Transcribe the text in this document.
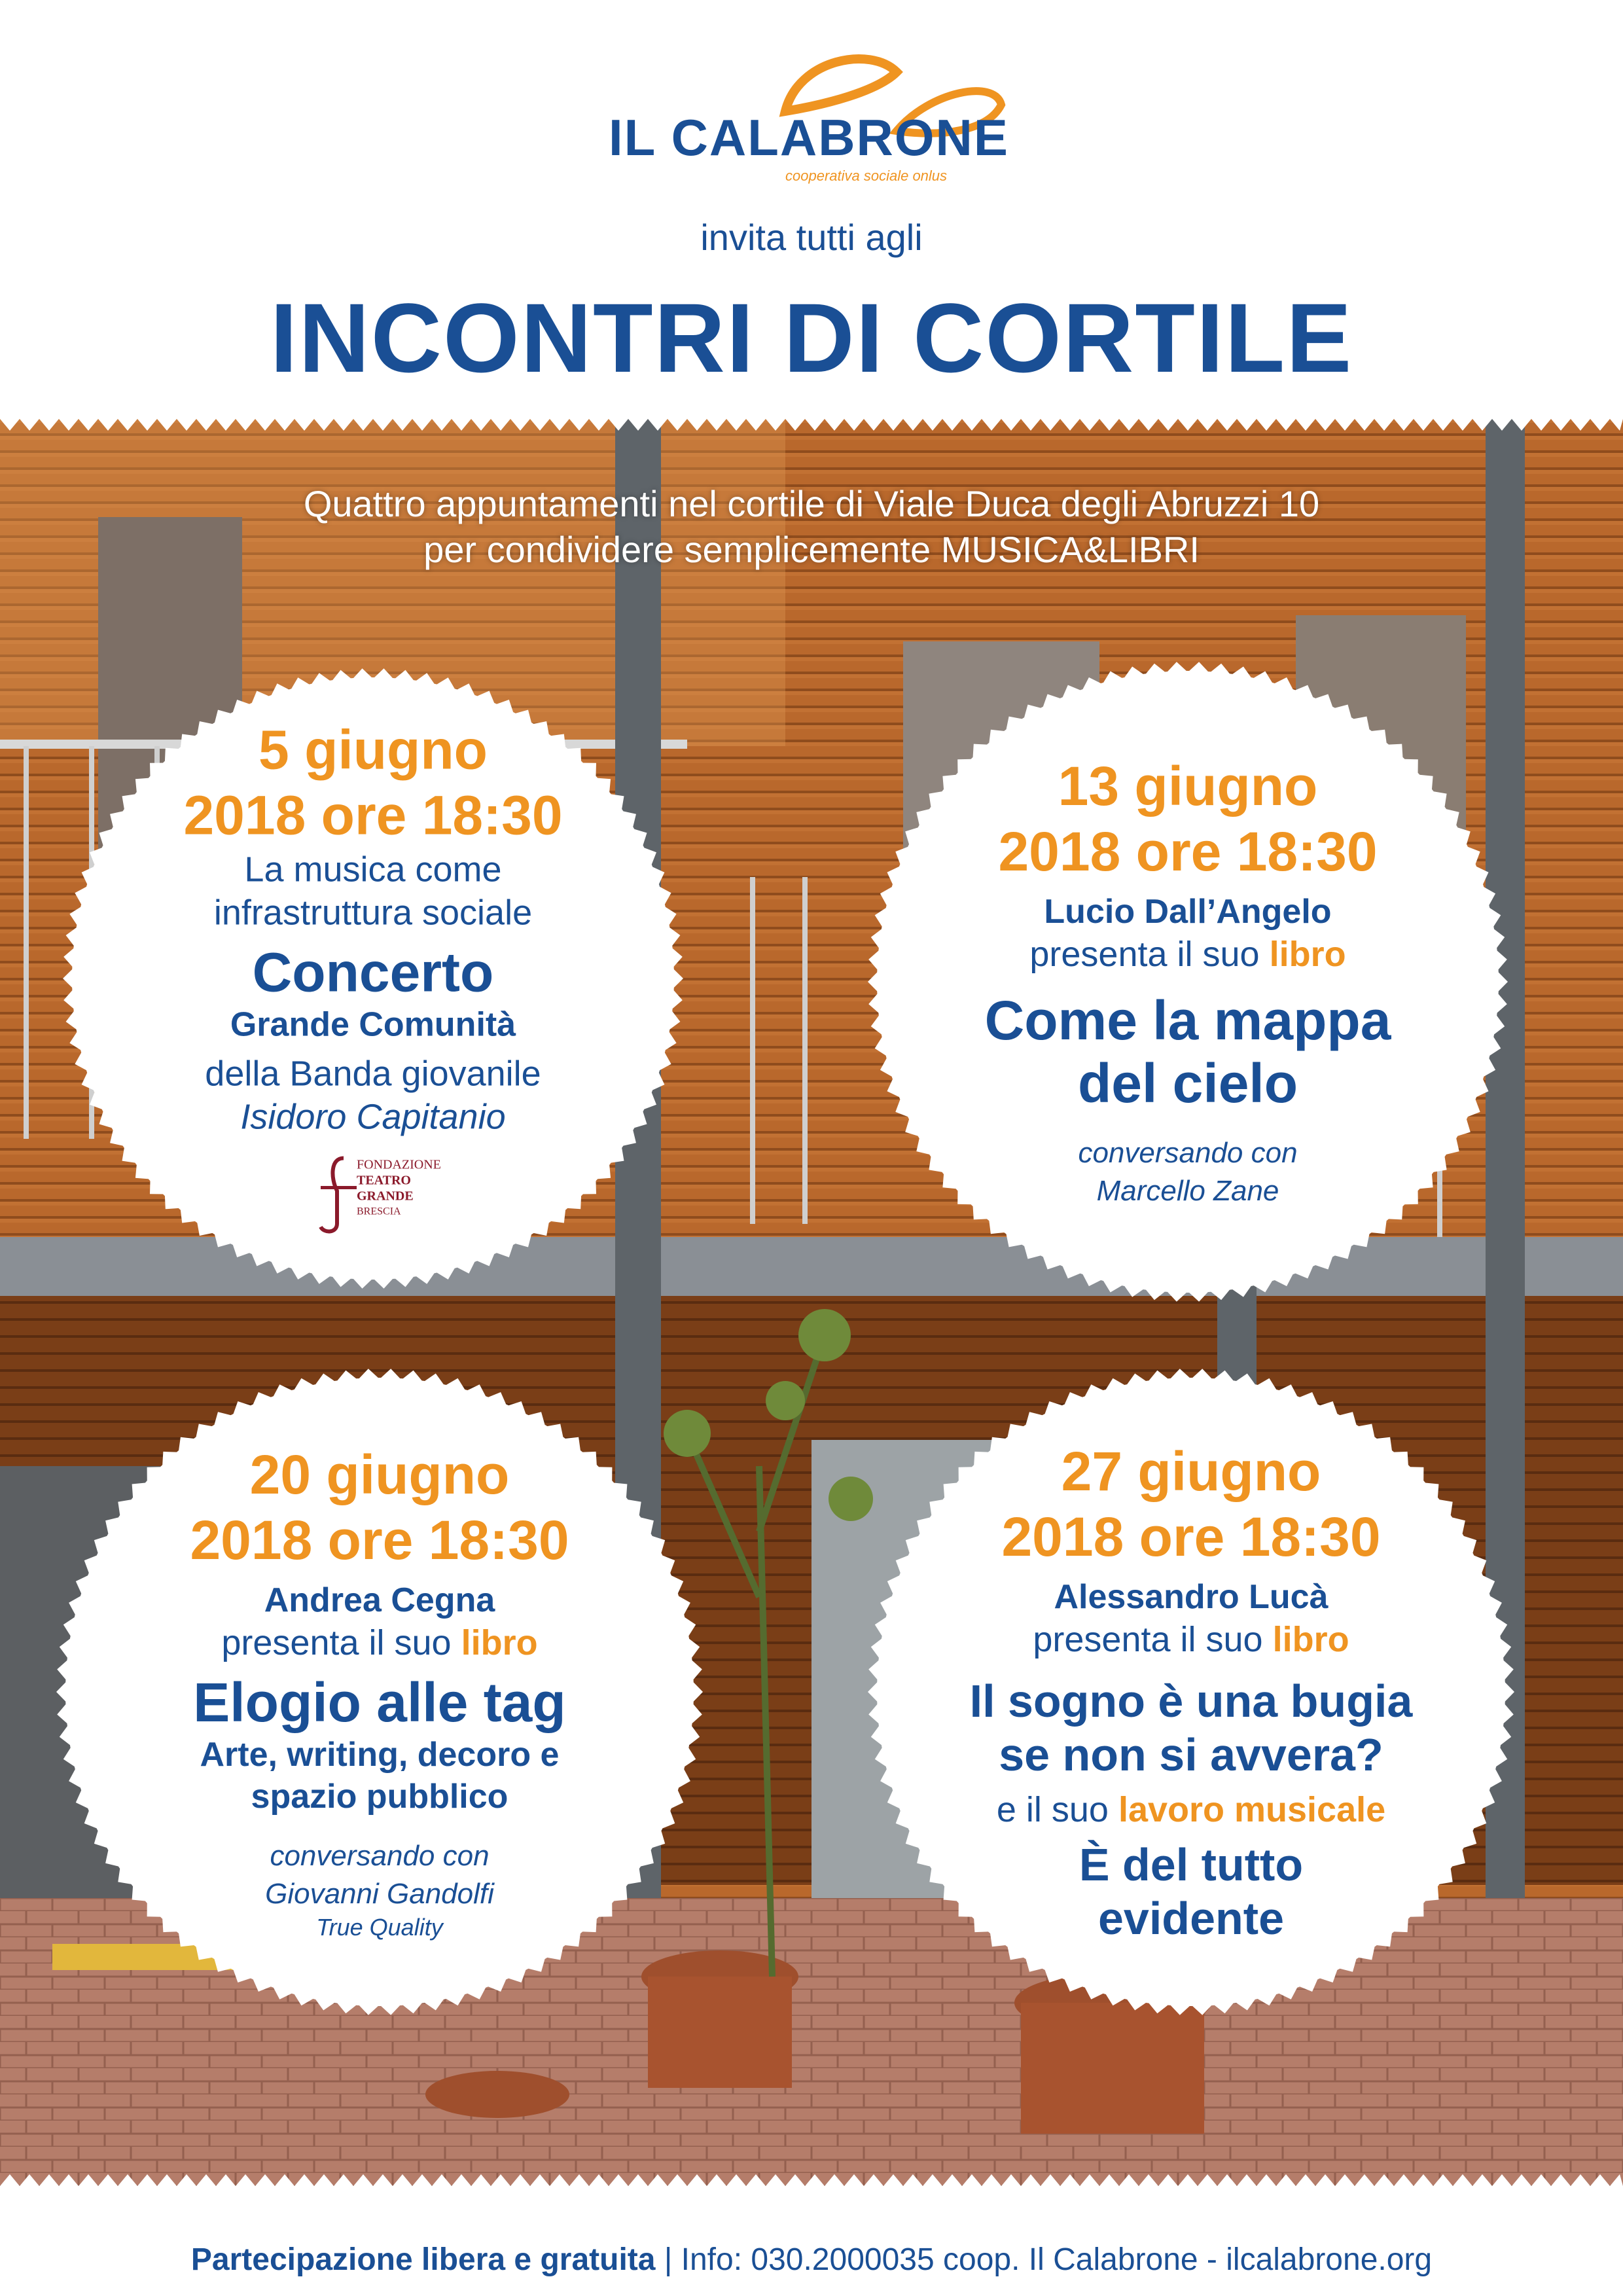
IL CALABRONE
cooperativa sociale onlus
invita tutti agli
INCONTRI DI CORTILE
Quattro appuntamenti nel cortile di Viale Duca degli Abruzzi 10
per condividere semplicemente MUSICA&LIBRI
5 giugno
2018 ore 18:30
La musica come
infrastruttura sociale
Concerto
Grande Comunità
della Banda giovanile
Isidoro Capitanio
FONDAZIONE
TEATRO
GRANDE
BRESCIA
13 giugno
2018 ore 18:30
Lucio Dall’Angelo
presenta il suo libro
Come la mappa
del cielo
conversando con
Marcello Zane
20 giugno
2018 ore 18:30
Andrea Cegna
presenta il suo libro
Elogio alle tag
Arte, writing, decoro e
spazio pubblico
conversando con
Giovanni Gandolfi
True Quality
27 giugno
2018 ore 18:30
Alessandro Lucà
presenta il suo libro
Il sogno è una bugia
se non si avvera?
e il suo lavoro musicale
È del tutto
evidente
Partecipazione libera e gratuita | Info: 030.2000035 coop. Il Calabrone - ilcalabrone.org
